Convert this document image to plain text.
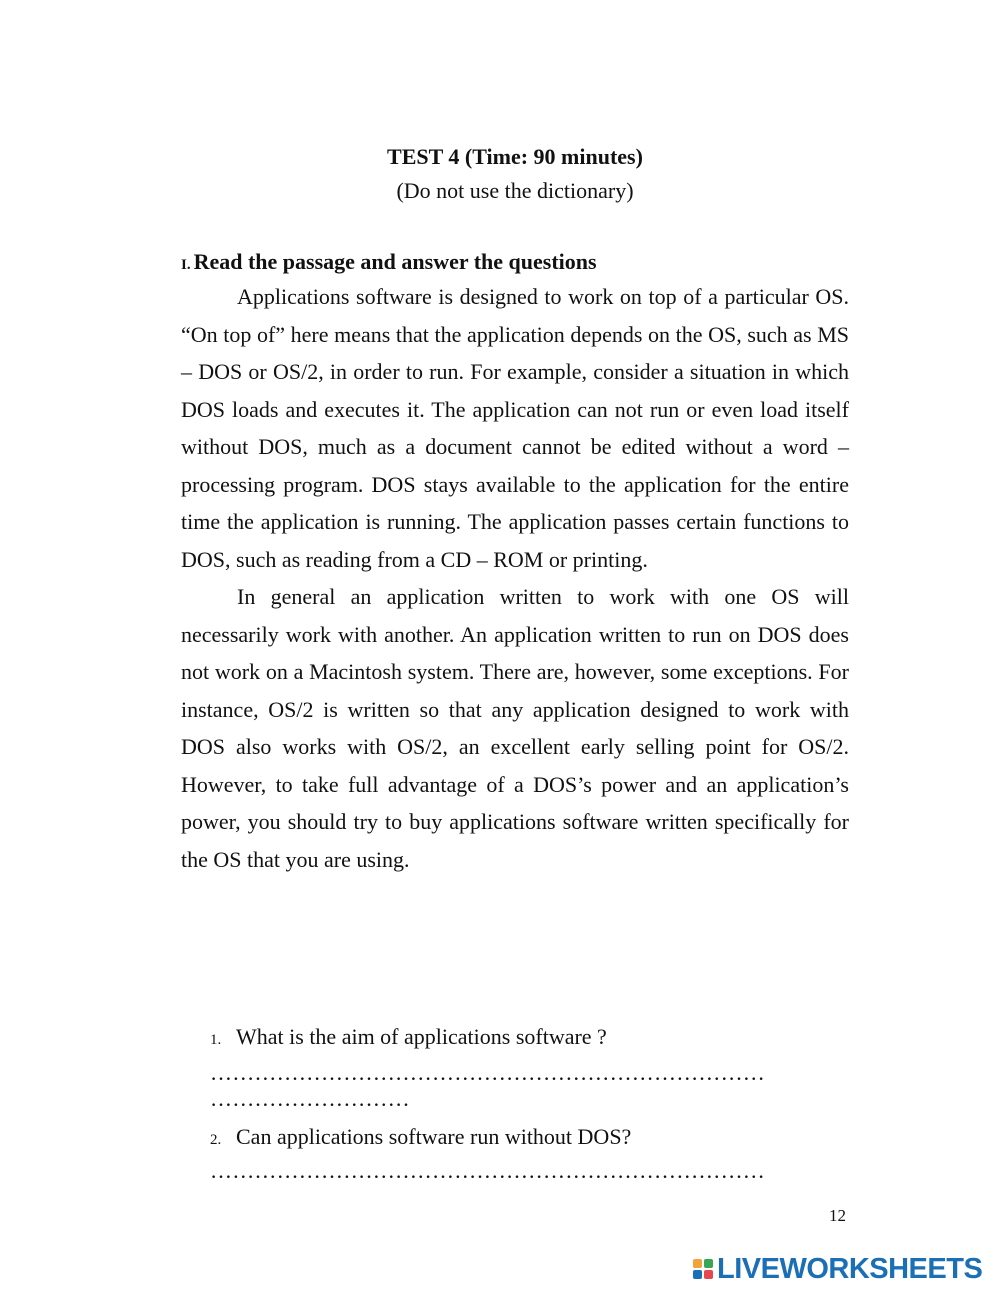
TEST 4 (Time: 90 minutes)
(Do not use the dictionary)
I. Read the passage and answer the questions

Applications software is designed to work on top of a particular OS. “On top of” here means that the application depends on the OS, such as MS – DOS or OS/2, in order to run. For example, consider a situation in which DOS loads and executes it. The application can not run or even load itself without DOS, much as a document cannot be edited without a word – processing program. DOS stays available to the application for the entire time the application is running. The application passes certain functions to DOS, such as reading from a CD – ROM or printing.

In general an application written to work with one OS will necessarily work with another. An application written to run on DOS does not work on a Macintosh system. There are, however, some exceptions. For instance, OS/2 is written so that any application designed to work with DOS also works with OS/2, an excellent early selling point for OS/2. However, to take full advantage of a DOS’s power and an application’s power, you should try to buy applications software written specifically for the OS that you are using.

1. What is the aim of applications software ?
…………………………………………………………………
………………………
2. Can applications software run without DOS?
…………………………………………………………………
12
LIVEWORKSHEETS
